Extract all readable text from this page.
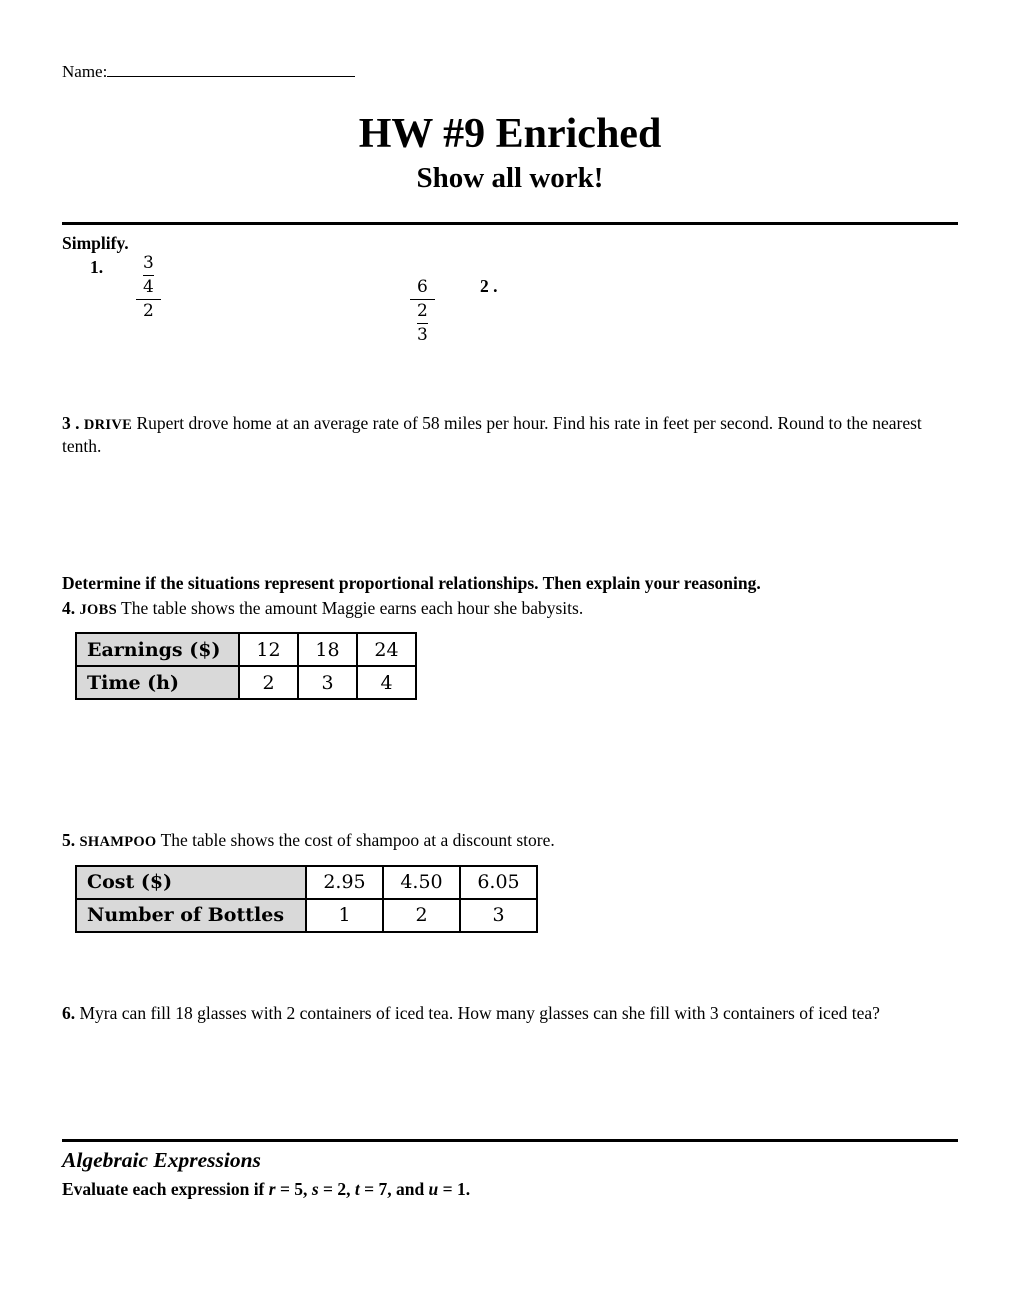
Name:
HW #9 Enriched
Show all work!
Simplify.
1. 3
4
2
6
2
3
2 .

3 . DRIVE Rupert drove home at an average rate of 58 miles per hour. Find his rate in feet per second. Round to the nearest tenth.

Determine if the situations represent proportional relationships. Then explain your reasoning.

4. JOBS The table shows the amount Maggie earns each hour she babysits.

Earnings ($)	12	18	24
Time (h)	2	3	4

5. SHAMPOO The table shows the cost of shampoo at a discount store.

Cost ($)	2.95	4.50	6.05
Number of Bottles	1	2	3

6. Myra can fill 18 glasses with 2 containers of iced tea. How many glasses can she fill with 3 containers of iced tea?

Algebraic Expressions

Evaluate each expression if r = 5, s = 2, t = 7, and u = 1.
